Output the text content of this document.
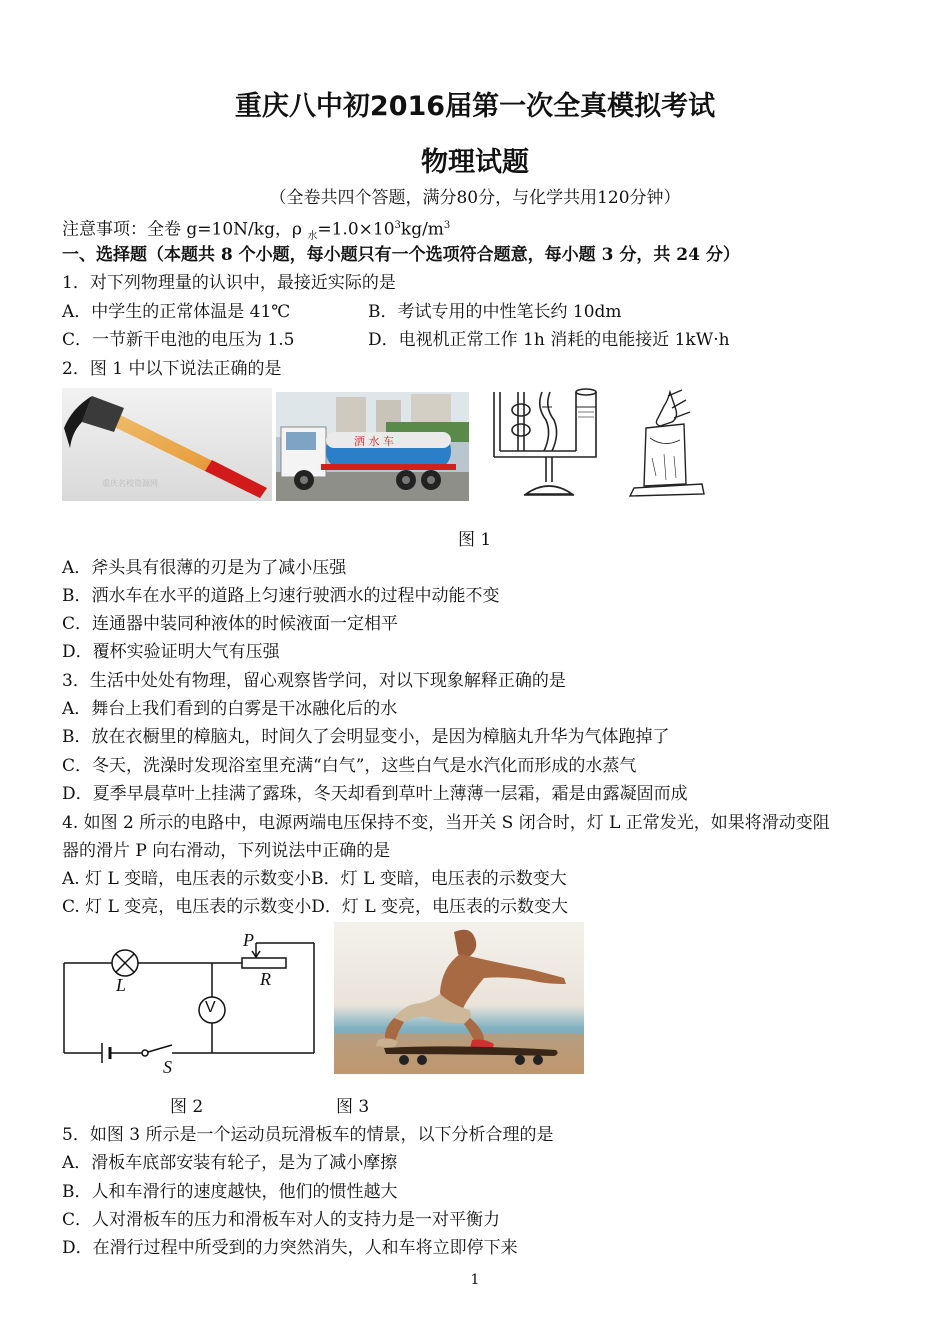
重庆八中初2016届第一次全真模拟考试
物理试题
（全卷共四个答题，满分80分，与化学共用120分钟）
注意事项：全卷 g=10N/kg，ρ $_水=1.0\times 10^3kg/m^3$
一、选择题（本题共 8 个小题，每小题只有一个选项符合题意，每小题 3 分，共 24 分）
1．对下列物理量的认识中，最接近实际的是
A．中学生的正常体温是 41℃	B．考试专用的中性笔长约 10dm
C．一节新干电池的电压为 1.5	D．电视机正常工作 1h 消耗的电能接近 1kW·h
2．图 1 中以下说法正确的是
重庆名校资源网
洒 水 车
图 1
A．斧头具有很薄的刃是为了减小压强
B．洒水车在水平的道路上匀速行驶洒水的过程中动能不变
C．连通器中装同种液体的时候液面一定相平
D．覆杯实验证明大气有压强
3．生活中处处有物理，留心观察皆学问，对以下现象解释正确的是
A．舞台上我们看到的白雾是干冰融化后的水
B．放在衣橱里的樟脑丸，时间久了会明显变小，是因为樟脑丸升华为气体跑掉了
C．冬天，洗澡时发现浴室里充满“白气”，这些白气是水汽化而形成的水蒸气
D．夏季早晨草叶上挂满了露珠，冬天却看到草叶上薄薄一层霜，霜是由露凝固而成
4. 如图 2 所示的电路中，电源两端电压保持不变，当开关 S 闭合时，灯 L 正常发光，如果将滑动变阻
器的滑片 P 向右滑动，下列说法中正确的是
A. 灯 L 变暗，电压表的示数变小B．灯 L 变暗，电压表的示数变大
C. 灯 L 变亮，电压表的示数变小D．灯 L 变亮，电压表的示数变大
P
R
L
V
S
图 2	图 3
5．如图 3 所示是一个运动员玩滑板车的情景，以下分析合理的是
A．滑板车底部安装有轮子，是为了减小摩擦
B．人和车滑行的速度越快，他们的惯性越大
C．人对滑板车的压力和滑板车对人的支持力是一对平衡力
D．在滑行过程中所受到的力突然消失，人和车将立即停下来
1
